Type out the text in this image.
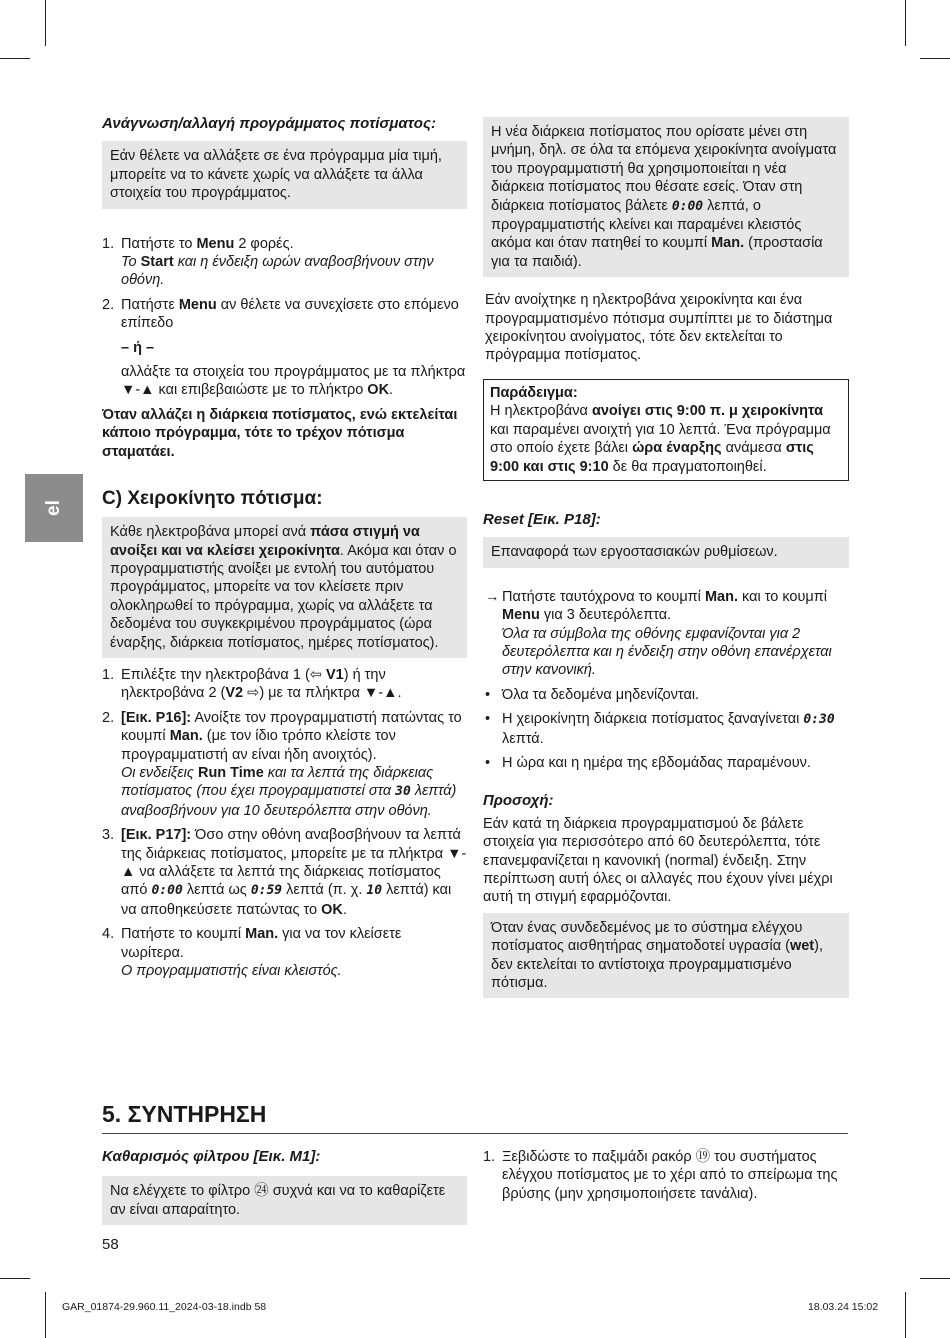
el
Ανάγνωση/αλλαγή προγράμματος ποτίσματος:
Εάν θέλετε να αλλάξετε σε ένα πρόγραμμα μία τιμή, μπορείτε να το κάνετε χωρίς να αλλάξετε τα άλλα στοιχεία του προγράμματος.
1. Πατήστε το Menu 2 φορές.
Το Start και η ένδειξη ωρών αναβοσβήνουν στην οθόνη.
2. Πατήστε Menu αν θέλετε να συνεχίσετε στο επόμενο επίπεδο
– ή –
αλλάξτε τα στοιχεία του προγράμματος με τα πλήκτρα ▼-▲ και επιβεβαιώστε με το πλήκτρο OK.
Όταν αλλάζει η διάρκεια ποτίσματος, ενώ εκτελείται κάποιο πρόγραμμα, τότε το τρέχον πότισμα σταματάει.
C) Χειροκίνητο πότισμα:
Κάθε ηλεκτροβάνα μπορεί ανά πάσα στιγμή να ανοίξει και να κλείσει χειροκίνητα. Ακόμα και όταν ο προγραμματιστής ανοίξει με εντολή του αυτόματου προγράμματος, μπορείτε να τον κλείσετε πριν ολοκληρωθεί το πρόγραμμα, χωρίς να αλλάξετε τα δεδομένα του συγκεκριμένου προγράμματος (ώρα έναρξης, διάρκεια ποτίσματος, ημέρες ποτίσματος).
1. Επιλέξτε την ηλεκτροβάνα 1 (⇦ V1) ή την ηλεκτροβάνα 2 (V2 ⇨) με τα πλήκτρα ▼-▲.
2. [Εικ. P16]: Ανοίξτε τον προγραμματιστή πατώντας το κουμπί Man. (με τον ίδιο τρόπο κλείστε τον προγραμματιστή αν είναι ήδη ανοιχτός).
Οι ενδείξεις Run Time και τα λεπτά της διάρκειας ποτίσματος (που έχει προγραμματιστεί στα 30 λεπτά) αναβοσβήνουν για 10 δευτερόλεπτα στην οθόνη.
3. [Εικ. P17]: Όσο στην οθόνη αναβοσβήνουν τα λεπτά της διάρκειας ποτίσματος, μπορείτε με τα πλήκτρα ▼-▲ να αλλάξετε τα λεπτά της διάρκειας ποτίσματος από 0:00 λεπτά ως 0:59 λεπτά (π. χ. 10 λεπτά) και να αποθηκεύσετε πατώντας το OK.
4. Πατήστε το κουμπί Man. για να τον κλείσετε νωρίτερα.
Ο προγραμματιστής είναι κλειστός.
Η νέα διάρκεια ποτίσματος που ορίσατε μένει στη μνήμη, δηλ. σε όλα τα επόμενα χειροκίνητα ανοίγματα του προγραμματιστή θα χρησιμοποιείται η νέα διάρκεια ποτίσματος που θέσατε εσείς. Όταν στη διάρκεια ποτίσματος βάλετε 0:00 λεπτά, ο προγραμματιστής κλείνει και παραμένει κλειστός ακόμα και όταν πατηθεί το κουμπί Man. (προστασία για τα παιδιά).
Εάν ανοίχτηκε η ηλεκτροβάνα χειροκίνητα και ένα προγραμματισμένο πότισμα συμπίπτει με το διάστημα χειροκίνητου ανοίγματος, τότε δεν εκτελείται το πρόγραμμα ποτίσματος.
Παράδειγμα:
Η ηλεκτροβάνα ανοίγει στις 9:00 π. μ χειροκίνητα και παραμένει ανοιχτή για 10 λεπτά. Ένα πρόγραμμα στο οποίο έχετε βάλει ώρα έναρξης ανάμεσα στις 9:00 και στις 9:10 δε θα πραγματοποιηθεί.
Reset [Εικ. P18]:
Επαναφορά των εργοστασιακών ρυθμίσεων.
→ Πατήστε ταυτόχρονα το κουμπί Man. και το κουμπί Menu για 3 δευτερόλεπτα.
Όλα τα σύμβολα της οθόνης εμφανίζονται για 2 δευτερόλεπτα και η ένδειξη στην οθόνη επανέρχεται στην κανονική.
• Όλα τα δεδομένα μηδενίζονται.
• Η χειροκίνητη διάρκεια ποτίσματος ξαναγίνεται 0:30 λεπτά.
• Η ώρα και η ημέρα της εβδομάδας παραμένουν.
Προσοχή:
Εάν κατά τη διάρκεια προγραμματισμού δε βάλετε στοιχεία για περισσότερο από 60 δευτερόλεπτα, τότε επανεμφανίζεται η κανονική (normal) ένδειξη. Στην περίπτωση αυτή όλες οι αλλαγές που έχουν γίνει μέχρι αυτή τη στιγμή εφαρμόζονται.
Όταν ένας συνδεδεμένος με το σύστημα ελέγχου ποτίσματος αισθητήρας σηματοδοτεί υγρασία (wet), δεν εκτελείται το αντίστοιχα προγραμματισμένο πότισμα.
5. ΣΥΝΤΗΡΗΣΗ
Καθαρισμός φίλτρου [Εικ. M1]:
Να ελέγχετε το φίλτρο ㉔ συχνά και να το καθαρίζετε αν είναι απαραίτητο.
1. Ξεβιδώστε το παξιμάδι ρακόρ ⑲ του συστήματος ελέγχου ποτίσματος με το χέρι από το σπείρωμα της βρύσης (μην χρησιμοποιήσετε τανάλια).
58
GAR_01874-29.960.11_2024-03-18.indb 58	18.03.24 15:02
